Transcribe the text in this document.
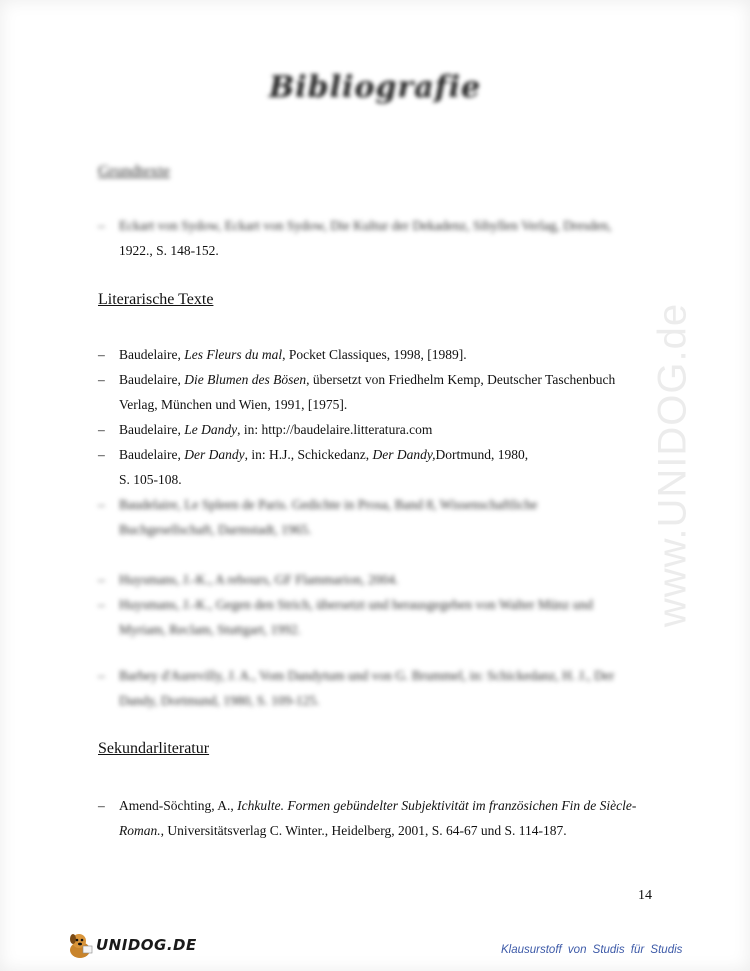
www.UNIDOG.de
Bibliografie
Grundtexte
–	Eckart von Sydow, Eckart von Sydow, Die Kultur der Dekadenz, Sibyllen Verlag, Dresden,
1922., S. 148-152.
Literarische Texte
–	Baudelaire, Les Fleurs du mal, Pocket Classiques, 1998, [1989].
–	Baudelaire, Die Blumen des Bösen, übersetzt von Friedhelm Kemp, Deutscher Taschenbuch
Verlag, München und Wien, 1991, [1975].
–	Baudelaire, Le Dandy, in: http://baudelaire.litteratura.com
–	Baudelaire, Der Dandy, in: H.J., Schickedanz, Der Dandy,Dortmund, 1980,
S. 105-108.
–	Baudelaire, Le Spleen de Paris. Gedichte in Prosa, Band 8, Wissenschaftliche
Buchgesellschaft, Darmstadt, 1965.
–	Huysmans, J.-K., A rebours, GF Flammarion, 2004.
–	Huysmans, J.-K., Gegen den Strich, übersetzt und herausgegeben von Walter Münz und
Myriam, Reclam, Stuttgart, 1992.
–	Barbey d'Aurevilly, J. A., Vom Dandytum und von G. Brummel, in: Schickedanz, H. J., Der
Dandy, Dortmund, 1980, S. 109-125.
Sekundarliteratur
–	Amend-Söchting, A., Ichkulte. Formen gebündelter Subjektivität im französichen Fin de Siècle-
Roman., Universitätsverlag C. Winter., Heidelberg, 2001, S. 64-67 und S. 114-187.
14
UNIDOG.DE	Klausurstoff von Studis für Studis
